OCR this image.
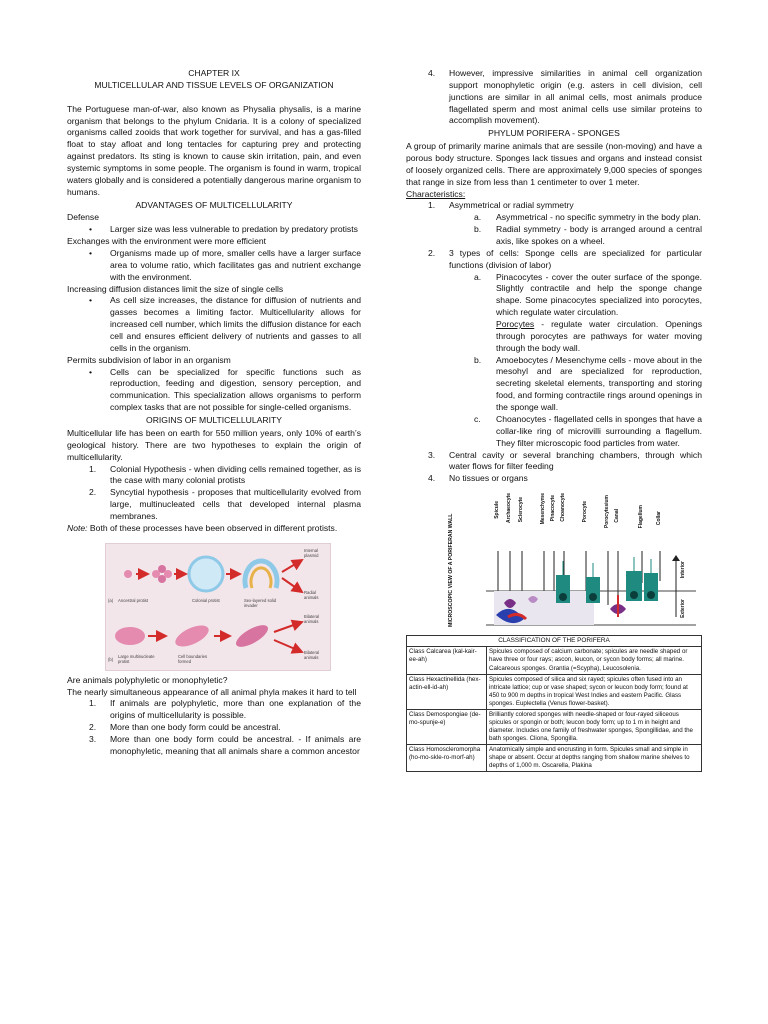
CHAPTER IX
MULTICELLULAR AND TISSUE LEVELS OF ORGANIZATION

The Portuguese man-of-war, also known as Physalia physalis, is a marine organism that belongs to the phylum Cnidaria. It is a colony of specialized organisms called zooids that work together for survival, and has a gas-filled float to stay afloat and long tentacles for capturing prey and protecting against predators. Its sting is known to cause skin irritation, pain, and even systemic symptoms in some people. The organism is found in warm, tropical waters globally and is considered a potentially dangerous marine organism to humans.

ADVANTAGES OF MULTICELLULARITY
Defense
• Larger size was less vulnerable to predation by predatory protists
Exchanges with the environment were more efficient
• Organisms made up of more, smaller cells have a larger surface area to volume ratio, which facilitates gas and nutrient exchange with the environment.
Increasing diffusion distances limit the size of single cells
• As cell size increases, the distance for diffusion of nutrients and gasses becomes a limiting factor. Multicellularity allows for increased cell number, which limits the diffusion distance for each cell and ensures efficient delivery of nutrients and gasses to all cells in the organism.
Permits subdivision of labor in an organism
• Cells can be specialized for specific functions such as reproduction, feeding and digestion, sensory perception, and communication. This specialization allows organisms to perform complex tasks that are not possible for single-celled organisms.
ORIGINS OF MULTICELLULARITY

Multicellular life has been on earth for 550 million years, only 10% of earth’s geological history. There are two hypotheses to explain the origin of multicellularity.

1. Colonial Hypothesis - when dividing cells remained together, as is the case with many colonial protists
2. Syncytial hypothesis - proposes that multicellularity evolved from large, multinucleated cells that developed internal plasma membranes.

Note: Both of these processes have been observed in different protists.

(a)
(b)
Ancestral protist	Colonial protist	Sex-layered solid invader
Internal plasmid
Radial animals
Large multinucleate protist
Cell boundaries formed
Bilateral animals
Bilateral animals
Are animals polyphyletic or monophyletic?

The nearly simultaneous appearance of all animal phyla makes it hard to tell

1. If animals are polyphyletic, more than one explanation of the origins of multicellularity is possible.
2. More than one body form could be ancestral.
3. More than one body form could be ancestral. - If animals are monophyletic, meaning that all animals share a common ancestor
4. However, impressive similarities in animal cell organization support monophyletic origin (e.g. asters in cell division, cell junctions are similar in all animal cells, most animals produce flagellated sperm and most animal cells use similar proteins to accomplish movement).
PHYLUM PORIFERA - SPONGES

A group of primarily marine animals that are sessile (non-moving) and have a porous body structure. Sponges lack tissues and organs and instead consist of loosely organized cells. There are approximately 9,000 species of sponges that range in size from less than 1 centimeter to over 1 meter.

Characteristics:
1. Asymmetrical or radial symmetry
a. Asymmetrical - no specific symmetry in the body plan.
b. Radial symmetry - body is arranged around a central axis, like spokes on a wheel.
2. 3 types of cells: Sponge cells are specialized for particular functions (division of labor)
a. Pinacocytes - cover the outer surface of the sponge. Slightly contractile and help the sponge change shape. Some pinacocytes specialized into porocytes, which regulate water circulation.
Porocytes - regulate water circulation. Openings through porocytes are pathways for water moving through the body wall.
b. Amoebocytes / Mesenchyme cells - move about in the mesohyl and are specialized for reproduction, secreting skeletal elements, transporting and storing food, and forming contractile rings around openings in the sponge wall.
c. Choanocytes - flagellated cells in sponges that have a collar-like ring of microvilli surrounding a flagellum. They filter microscopic food particles from water.
3. Central cavity or several branching chambers, through which water flows for filter feeding
4. No tissues or organs
MICROSCOPIC VIEW OF A PORIFERAN WALL
Spicule Archaeocyte Sclerocyte	Mesenchyme Pinacocyte Choanocyte	Porocyte	Porocytesium Canal	Flagellum Collar
Interior
Exterior
CLASSIFICATION OF THE PORIFERA	
Class Calcarea (kal-kair-ee-ah)	Spicules composed of calcium carbonate; spicules are needle shaped or have three or four rays; ascon, leucon, or sycon body forms; all marine. Calcareous sponges. Grantia (=Scypha), Leucosolenia.
Class Hexactinellida (hex-actin-ell-id-ah)	Spicules composed of silica and six rayed; spicules often fused into an intricate lattice; cup or vase shaped; sycon or leucon body form; found at 450 to 900 m depths in tropical West Indies and eastern Pacific. Glass sponges. Euplectella (Venus flower-basket).
Class Demospongiae (de-mo-spunje-e)	Brilliantly colored sponges with needle-shaped or four-rayed siliceous spicules or spongin or both; leucon body form; up to 1 m in height and diameter. Includes one family of freshwater sponges, Spongillidae, and the bath sponges. Cliona, Spongilla.
Class Homoscleromorpha (ho-mo-skle-ro-morf-ah)	Anatomically simple and encrusting in form. Spicules small and simple in shape or absent. Occur at depths ranging from shallow marine shelves to depths of 1,000 m. Oscarella, Plakina
